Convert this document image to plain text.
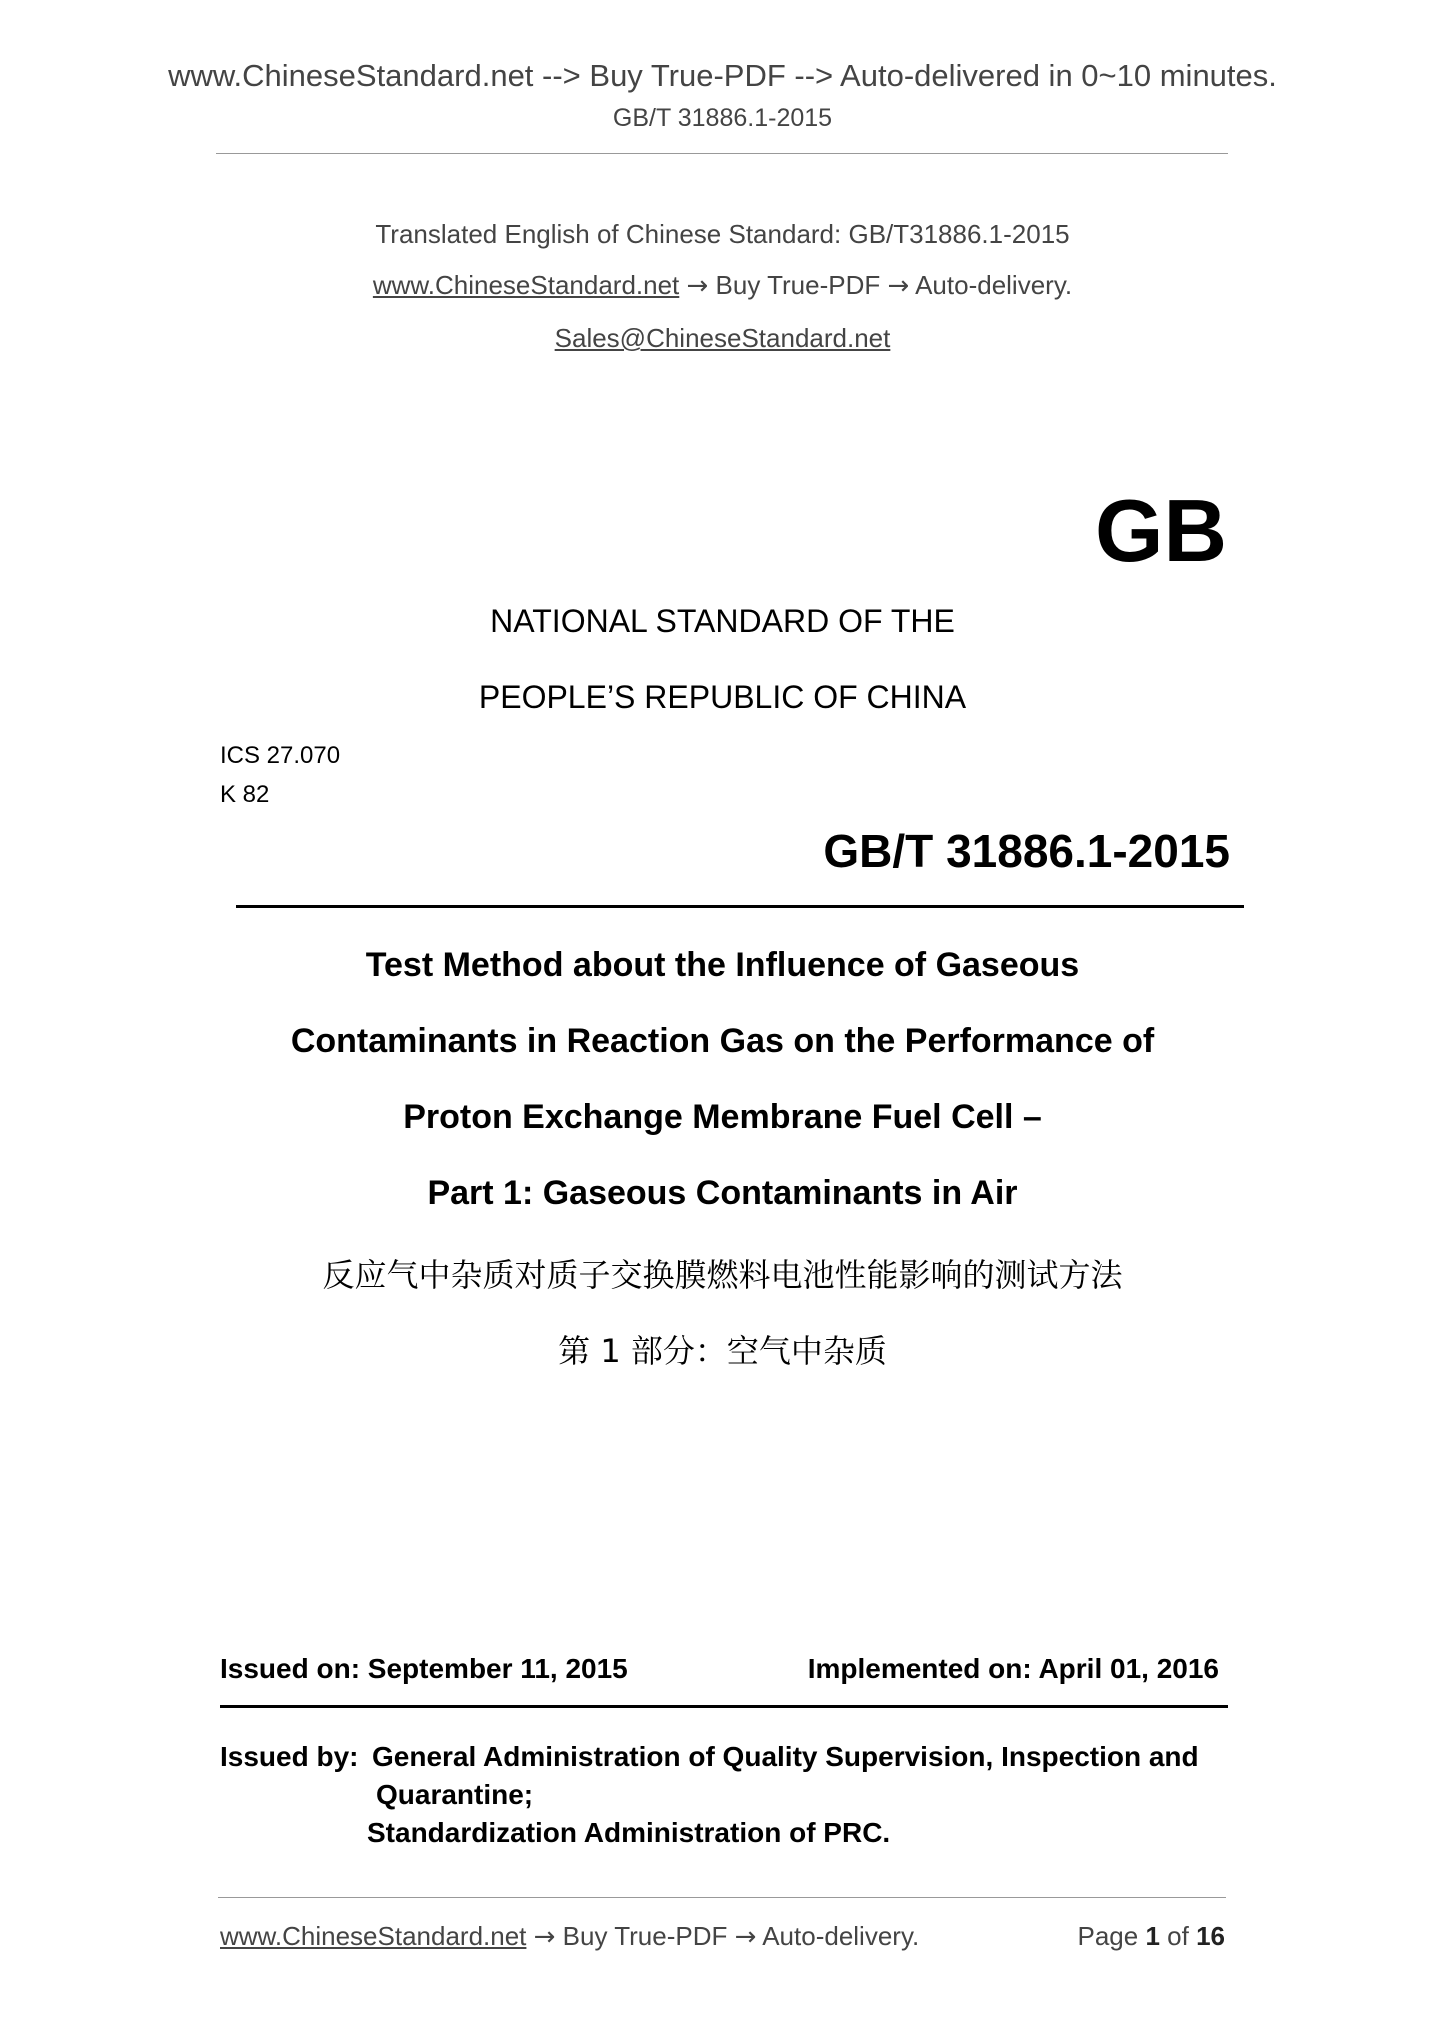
www.ChineseStandard.net --> Buy True-PDF --> Auto-delivered in 0~10 minutes.
GB/T 31886.1-2015
Translated English of Chinese Standard: GB/T31886.1-2015
www.ChineseStandard.net → Buy True-PDF → Auto-delivery.
Sales@ChineseStandard.net
GB
NATIONAL STANDARD OF THE
PEOPLE’S REPUBLIC OF CHINA
ICS 27.070
K 82
GB/T 31886.1-2015
Test Method about the Influence of Gaseous
Contaminants in Reaction Gas on the Performance of
Proton Exchange Membrane Fuel Cell –
Part 1: Gaseous Contaminants in Air
反应气中杂质对质子交换膜燃料电池性能影响的测试方法
第 1 部分：空气中杂质
Issued on: September 11, 2015	Implemented on: April 01, 2016
Issued by: General Administration of Quality Supervision, Inspection and
Quarantine;
Standardization Administration of PRC.
www.ChineseStandard.net → Buy True-PDF → Auto-delivery.	Page 1 of 16
